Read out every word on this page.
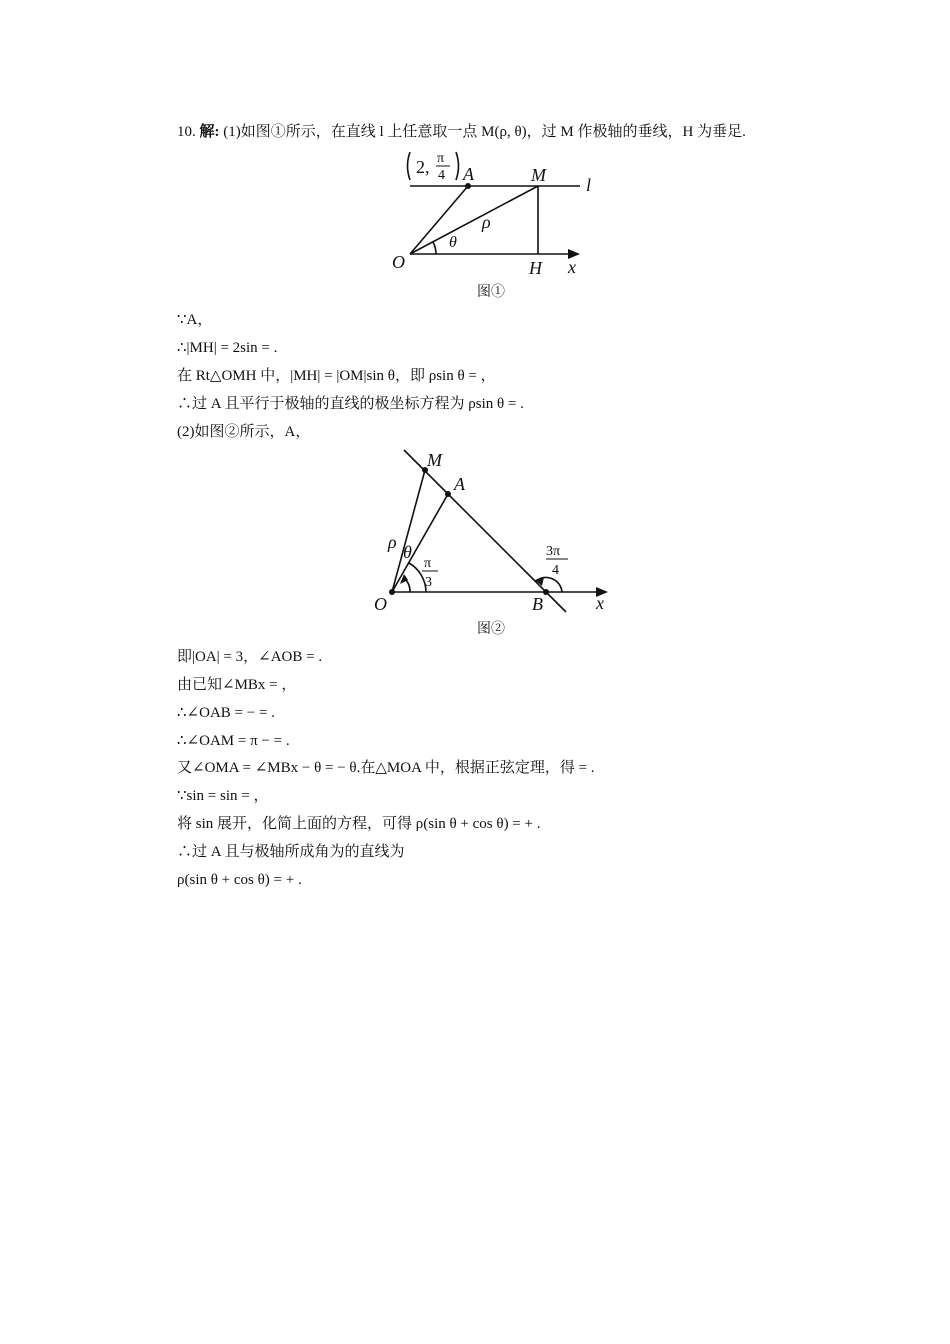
10. 解: (1)如图①所示，在直线 l 上任意取一点 M(ρ, θ)，过 M 作极轴的垂线，H 为垂足.
2, π
4 A	M l
ρ
θ
O	H x
图①
∵A，
∴|MH| = 2sin = .
在 Rt△OMH 中，|MH| = |OM|sin θ，即 ρsin θ = ，
∴过 A 且平行于极轴的直线的极坐标方程为 ρsin θ = .
(2)如图②所示，A，
M
A
ρ θ
π
3
3π
4
O	B	x
图②
即|OA| = 3，∠AOB = .
由已知∠MBx = ，
∴∠OAB = − = .
∴∠OAM = π − = .
又∠OMA = ∠MBx − θ = − θ.在△MOA 中，根据正弦定理，得 = .
∵sin = sin = ，
将 sin 展开，化简上面的方程，可得 ρ(sin θ + cos θ) = + .
∴过 A 且与极轴所成角为的直线为
ρ(sin θ + cos θ) = + .
